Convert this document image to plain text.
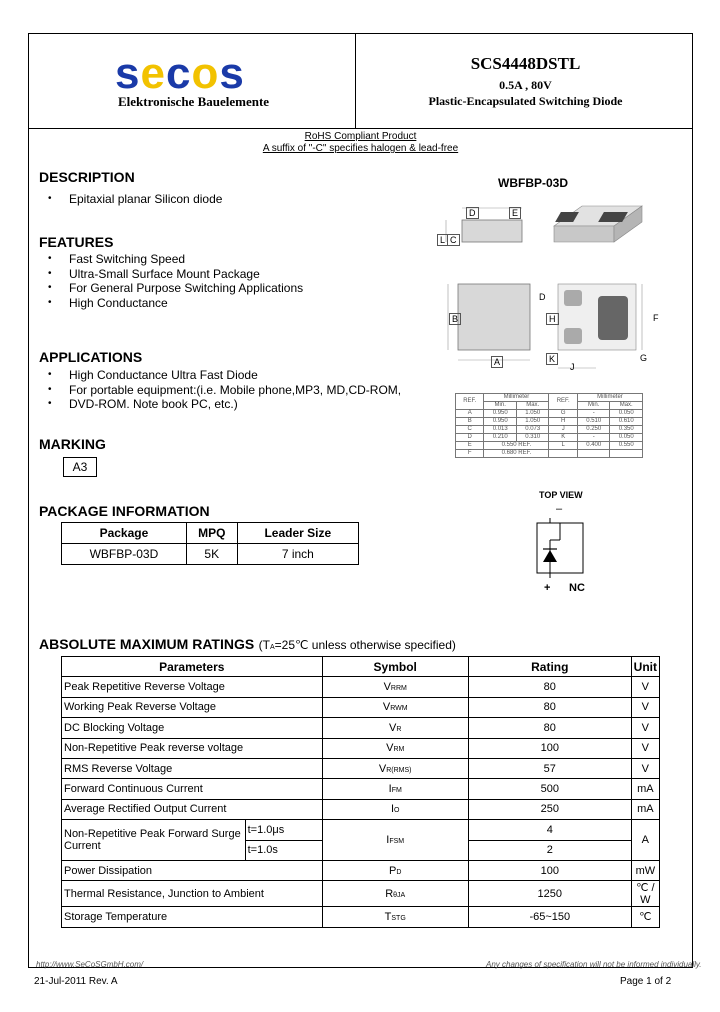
secos
Elektronische Bauelemente
SCS4448DSTL
0.5A , 80V
Plastic-Encapsulated Switching Diode
RoHS Compliant Product
A suffix of "-C" specifies halogen & lead-free
DESCRIPTION
• Epitaxial planar Silicon diode
FEATURES
• Fast Switching Speed
• Ultra-Small Surface Mount Package
• For General Purpose Switching Applications
• High Conductance
APPLICATIONS
• High Conductance Ultra Fast Diode
• For portable equipment:(i.e. Mobile phone,MP3, MD,CD-ROM,
• DVD-ROM. Note book PC, etc.)
MARKING
A3
PACKAGE INFORMATION
Package	MPQ	Leader Size
WBFBP-03D	5K	7 inch
WBFBP-03D
D	E
L C
B
A
D
H
K
J
F
G
REF.	Millimeter		REF.	Millimeter	
	Min.	Max.		Min.	Max.
A	0.950	1.050	G	-	0.050
B	0.950	1.050	H	0.510	0.610
C	0.013	0.073	J	0.250	0.350
D	0.210	0.310	K	-	0.050
E	0.550 REF.		L	0.400	0.550
F	0.680 REF.				
TOP VIEW
–
+ NC
ABSOLUTE MAXIMUM RATINGS (TA=25℃ unless otherwise specified)
Parameters		Symbol	Rating	Unit
Peak Repetitive Reverse Voltage		VRRM	80	V
Working Peak Reverse Voltage		VRWM	80	V
DC Blocking Voltage		VR	80	V
Non-Repetitive Peak reverse voltage		VRM	100	V
RMS Reverse Voltage		VR(RMS)	57	V
Forward Continuous Current		IFM	500	mA
Average Rectified Output Current		IO	250	mA
Non-Repetitive Peak Forward Surge Current	t=1.0μs	IFSM	4	A
	t=1.0s		2	
Power Dissipation		PD	100	mW
Thermal Resistance, Junction to Ambient		RθJA	1250	℃ / W
Storage Temperature		TSTG	-65~150	℃
http://www.SeCoSGmbH.com/	Any changes of specification will not be informed individually.
21-Jul-2011 Rev. A	Page 1 of 2
